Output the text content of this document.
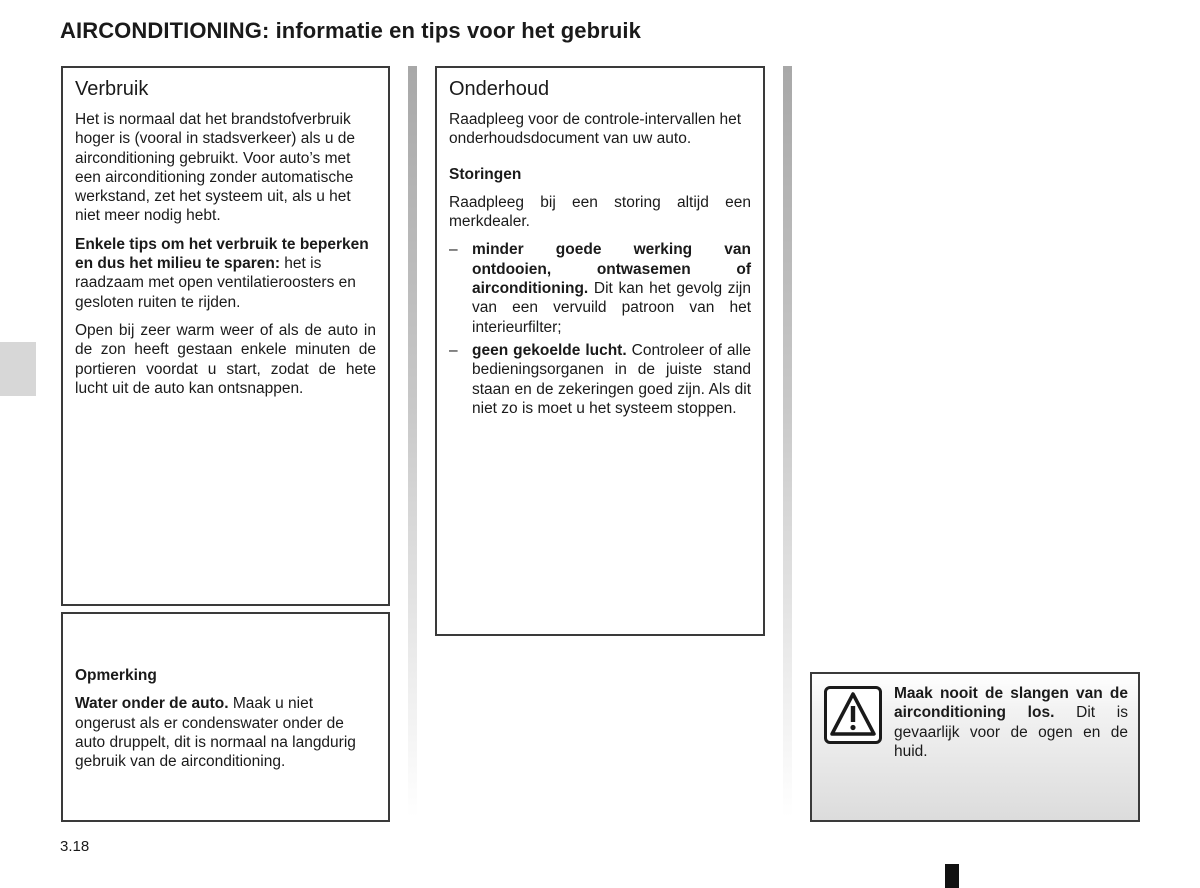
AIRCONDITIONING: informatie en tips voor het gebruik
Verbruik

Het is normaal dat het brandstofverbruik hoger is (vooral in stadsverkeer) als u de airconditioning gebruikt. Voor auto’s met een airconditioning zonder automatische werkstand, zet het systeem uit, als u het niet meer nodig hebt.

Enkele tips om het verbruik te beperken en dus het milieu te sparen: het is raadzaam met open ventilatieroosters en gesloten ruiten te rijden.

Open bij zeer warm weer of als de auto in de zon heeft gestaan enkele minuten de portieren voordat u start, zodat de hete lucht uit de auto kan ontsnappen.

Opmerking

Water onder de auto. Maak u niet ongerust als er condenswater onder de auto druppelt, dit is normaal na langdurig gebruik van de airconditioning.

Onderhoud

Raadpleeg voor de controle-intervallen het onderhoudsdocument van uw auto.

Storingen

Raadpleeg bij een storing altijd een merkdealer.

– minder goede werking van ontdooien, ontwasemen of airconditioning. Dit kan het gevolg zijn van een vervuild patroon van het interieurfilter;
– geen gekoelde lucht. Controleer of alle bedieningsorganen in de juiste stand staan en de zekeringen goed zijn. Als dit niet zo is moet u het systeem stoppen.
Maak nooit de slangen van de airconditioning los. Dit is gevaarlijk voor de ogen en de huid.
3.18
